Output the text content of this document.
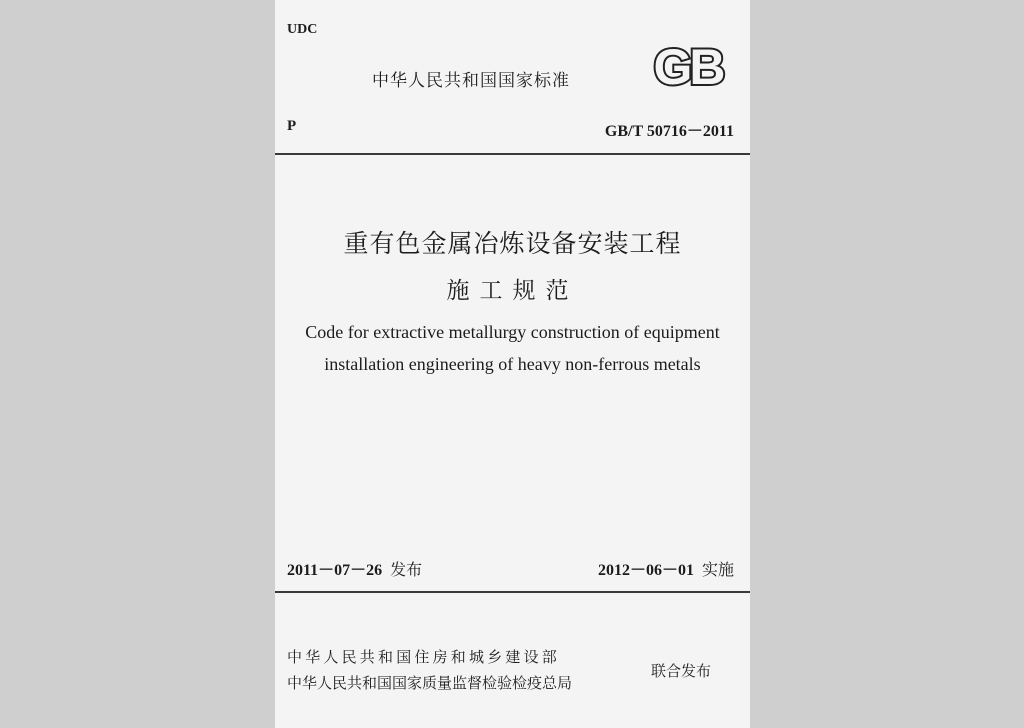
UDC
中华人民共和国国家标准 GB
P	GB/T 50716－2011
重有色金属冶炼设备安装工程
施工规范
Code for extractive metallurgy construction of equipment
installation engineering of heavy non-ferrous metals
2011－07－26 发布	2012－06－01 实施
中华人民共和国住房和城乡建设部
中华人民共和国国家质量监督检验检疫总局
联合发布
